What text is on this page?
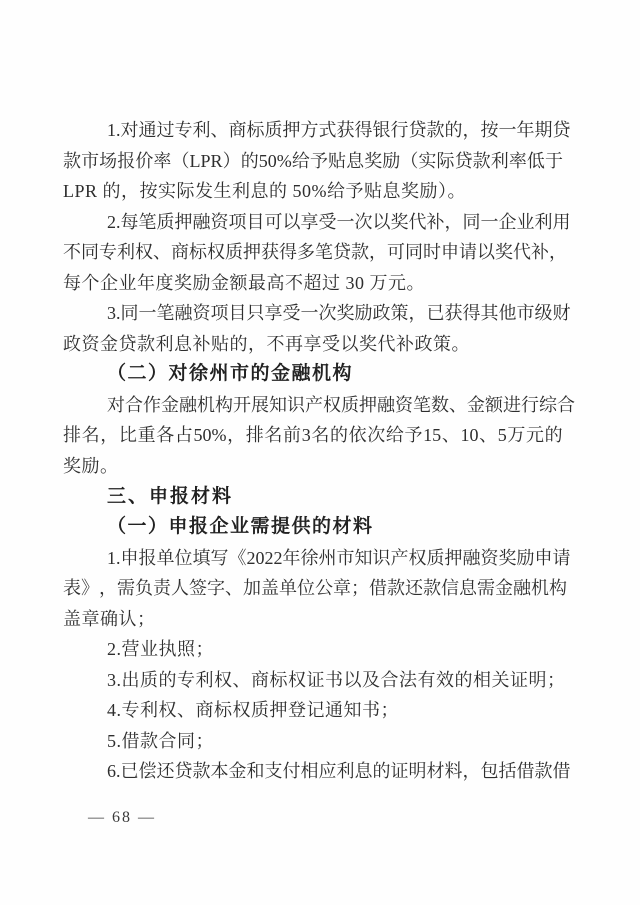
1. 对 通 过 专 利 、 商 标 质 押 方 式 获 得 银 行 贷 款 的 ， 按 一 年 期 贷
款 市 场 报 价 率 （ LPR ） 的 50% 给 予 贴 息 奖 励 （ 实 际 贷 款 利 率 低 于
LPR 的，按实际发生利息的 50%给予贴息奖励）。
2. 每 笔 质 押 融 资 项 目 可 以 享 受 一 次 以 奖 代 补 ， 同 一 企 业 利 用
不 同 专 利 权 、 商 标 权 质 押 获 得 多 笔 贷 款 ， 可 同 时 申 请 以 奖 代 补 ，
每个企业年度奖励金额最高不超过 30 万元。
3. 同 一 笔 融 资 项 目 只 享 受 一 次 奖 励 政 策 ， 已 获 得 其 他 市 级 财
政资金贷款利息补贴的，不再享受以奖代补政策。
（二）对徐州市的金融机构
对 合 作 金 融 机 构 开 展 知 识 产 权 质 押 融 资 笔 数 、 金 额 进 行 综 合
排 名 ， 比 重 各 占 50% ， 排 名 前 3 名 的 依 次 给 予 15 、 10 、 5 万 元 的
奖励。
三、申报材料
（一）申报企业需提供的材料
1. 申 报 单 位 填 写 《 2022 年 徐 州 市 知 识 产 权 质 押 融 资 奖 励 申 请
表 》 ， 需 负 责 人 签 字 、 加 盖 单 位 公 章 ； 借 款 还 款 信 息 需 金 融 机 构
盖章确认；
2.营业执照；
3.出质的专利权、商标权证书以及合法有效的相关证明；
4.专利权、商标权质押登记通知书；
5.借款合同；
6. 已 偿 还 贷 款 本 金 和 支 付 相 应 利 息 的 证 明 材 料 ， 包 括 借 款 借
— 68 —
